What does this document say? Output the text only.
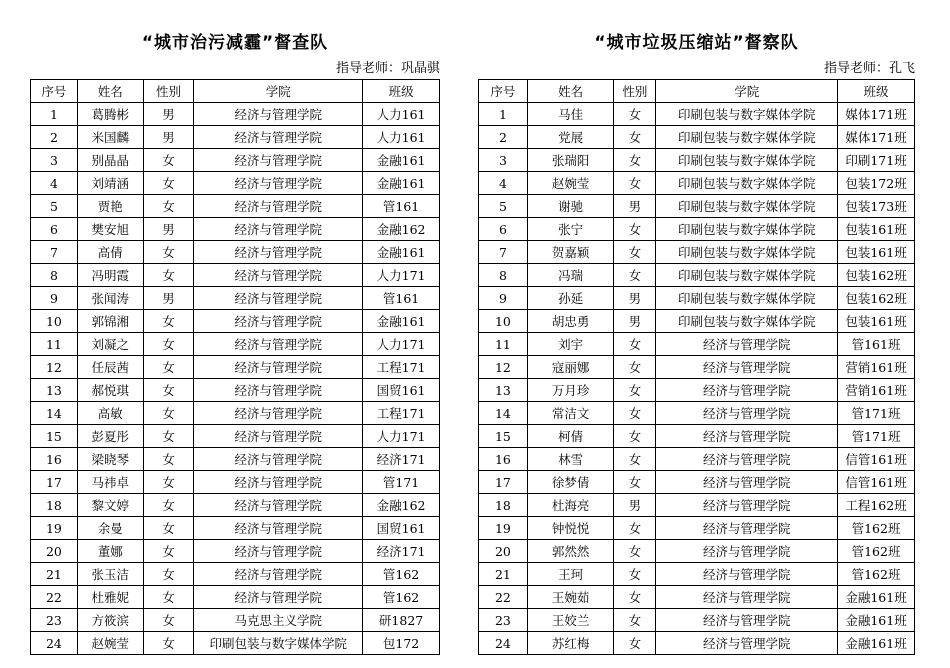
“城市治污减霾”督查队
指导老师：巩晶骐
序号	姓名	性别	学院	班级
1	葛腾彬	男	经济与管理学院	人力161
2	米国麟	男	经济与管理学院	人力161
3	别晶晶	女	经济与管理学院	金融161
4	刘靖涵	女	经济与管理学院	金融161
5	贾艳	女	经济与管理学院	管161
6	樊安旭	男	经济与管理学院	金融162
7	高倩	女	经济与管理学院	金融161
8	冯明霞	女	经济与管理学院	人力171
9	张闻涛	男	经济与管理学院	管161
10	郭锦湘	女	经济与管理学院	金融161
11	刘凝之	女	经济与管理学院	人力171
12	任辰茜	女	经济与管理学院	工程171
13	郝悦琪	女	经济与管理学院	国贸161
14	高敏	女	经济与管理学院	工程171
15	彭夏彤	女	经济与管理学院	人力171
16	梁晓琴	女	经济与管理学院	经济171
17	马祎卓	女	经济与管理学院	管171
18	黎文婷	女	经济与管理学院	金融162
19	余曼	女	经济与管理学院	国贸161
20	董娜	女	经济与管理学院	经济171
21	张玉洁	女	经济与管理学院	管162
22	杜雅妮	女	经济与管理学院	管162
23	方筱滨	女	马克思主义学院	研1827
24	赵婉莹	女	印刷包装与数字媒体学院	包172
“城市垃圾压缩站”督察队
指导老师：孔飞
序号	姓名	性别	学院	班级
1	马佳	女	印刷包装与数字媒体学院	媒体171班
2	党展	女	印刷包装与数字媒体学院	媒体171班
3	张瑞阳	女	印刷包装与数字媒体学院	印刷171班
4	赵婉莹	女	印刷包装与数字媒体学院	包装172班
5	谢驰	男	印刷包装与数字媒体学院	包装173班
6	张宁	女	印刷包装与数字媒体学院	包装161班
7	贺嘉颖	女	印刷包装与数字媒体学院	包装161班
8	冯瑞	女	印刷包装与数字媒体学院	包装162班
9	孙延	男	印刷包装与数字媒体学院	包装162班
10	胡忠勇	男	印刷包装与数字媒体学院	包装161班
11	刘宇	女	经济与管理学院	管161班
12	寇丽娜	女	经济与管理学院	营销161班
13	万月珍	女	经济与管理学院	营销161班
14	常洁文	女	经济与管理学院	管171班
15	柯倩	女	经济与管理学院	管171班
16	林雪	女	经济与管理学院	信管161班
17	徐梦倩	女	经济与管理学院	信管161班
18	杜海亮	男	经济与管理学院	工程162班
19	钟悦悦	女	经济与管理学院	管162班
20	郭然然	女	经济与管理学院	管162班
21	王珂	女	经济与管理学院	管162班
22	王婉茹	女	经济与管理学院	金融161班
23	王姣兰	女	经济与管理学院	金融161班
24	苏红梅	女	经济与管理学院	金融161班
